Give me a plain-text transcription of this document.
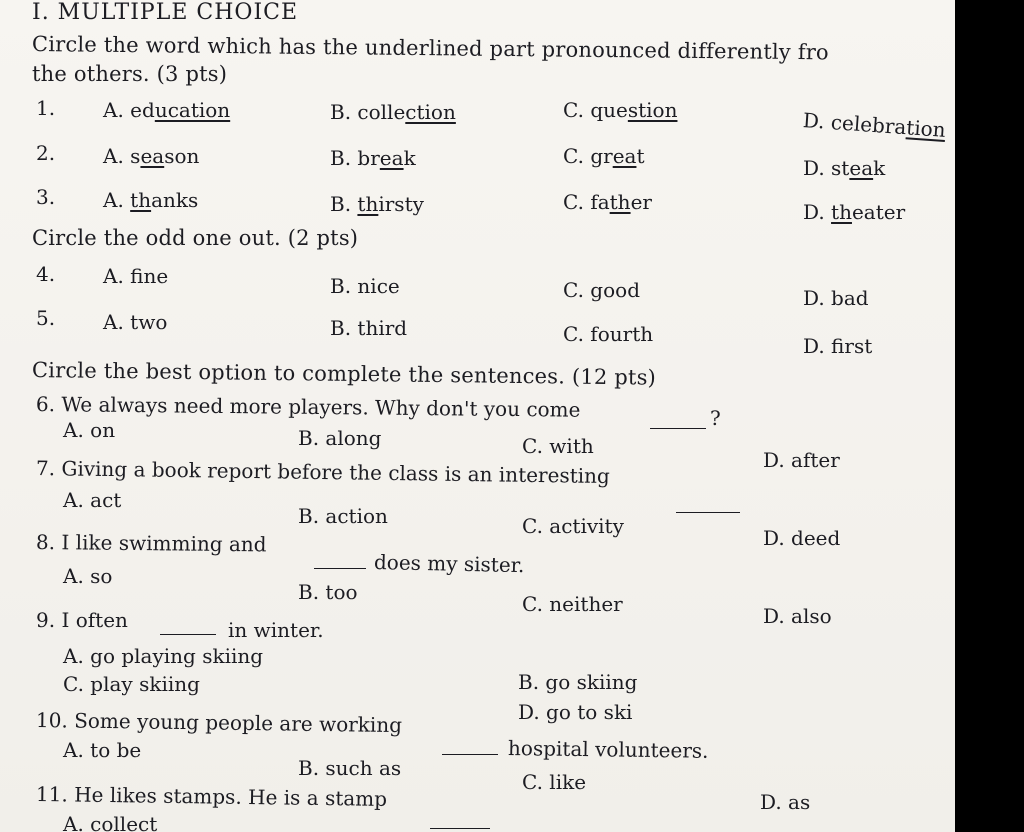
I. MULTIPLE CHOICE
Circle the word which has the underlined part pronounced differently fro
the others. (3 pts)
1. A. education	B. collection	C. question	D. celebration
2. A. season	B. break	C. great	D. steak
3. A. thanks	B. thirsty	C. father	D. theater
Circle the odd one out. (2 pts)
4. A. fine	B. nice	C. good	D. bad
5. A. two	B. third	C. fourth	D. first
Circle the best option to complete the sentences. (12 pts)
6. We always need more players. Why don't you come	?
A. on	B. along	C. with
D. after
7. Giving a book report before the class is an interesting
A. act
B. action	C. activity	D. deed
8. I like swimming and
does my sister.
A. so
B. too	C. neither	D. also
9. I often	in winter.
A. go playing skiing
B. go skiing
C. play skiing
D. go to ski
10. Some young people are working
hospital volunteers.
A. to be
B. such as
C. like
D. as
11. He likes stamps. He is a stamp
A. collect
